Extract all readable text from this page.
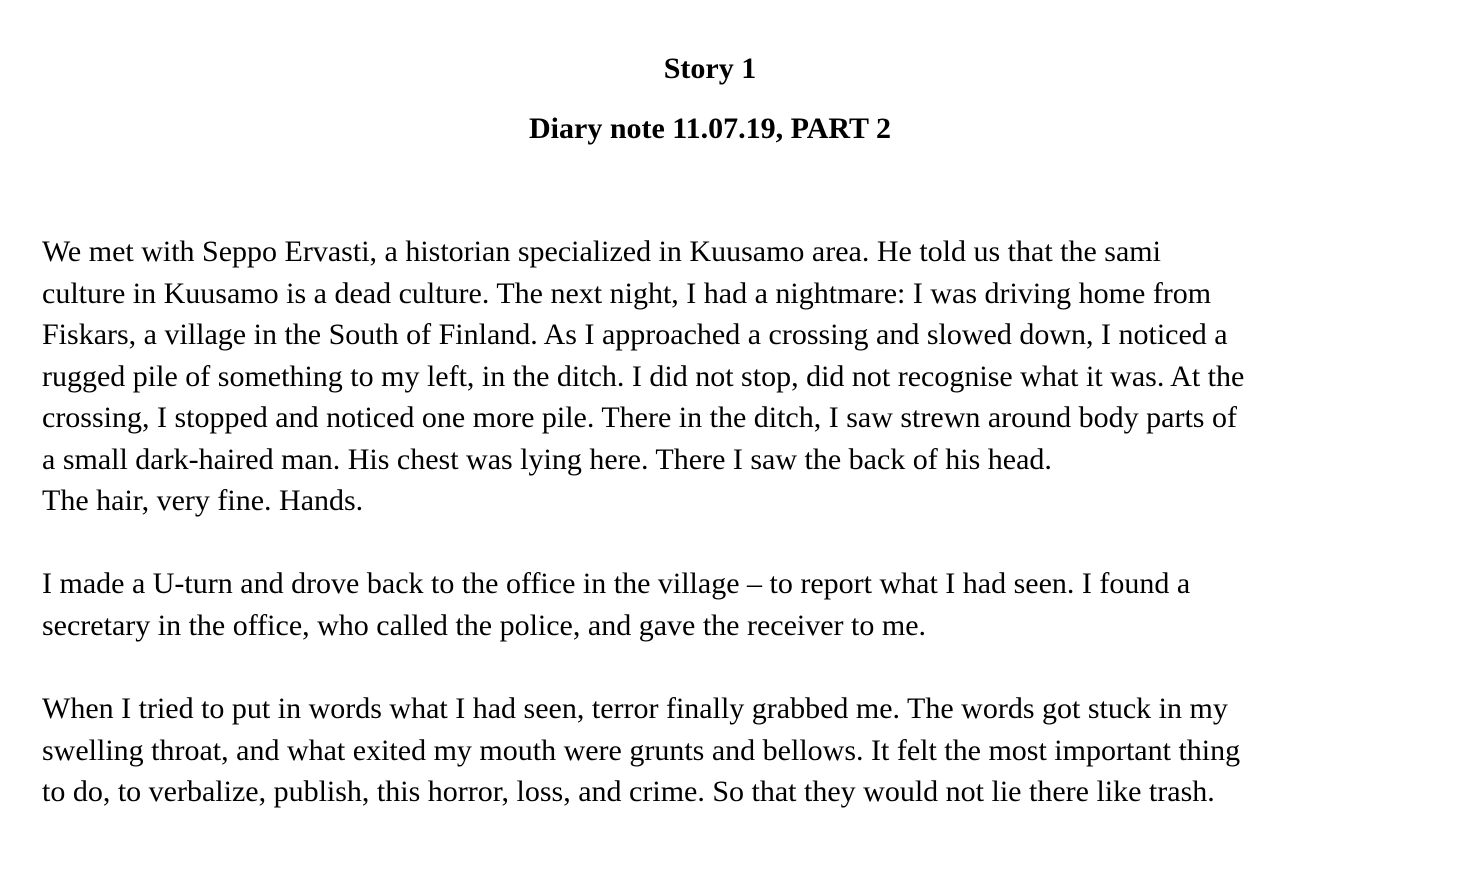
Story 1
Diary note 11.07.19, PART 2

We met with Seppo Ervasti, a historian specialized in Kuusamo area. He told us that the sami
culture in Kuusamo is a dead culture. The next night, I had a nightmare: I was driving home from
Fiskars, a village in the South of Finland. As I approached a crossing and slowed down, I noticed a
rugged pile of something to my left, in the ditch. I did not stop, did not recognise what it was. At the
crossing, I stopped and noticed one more pile. There in the ditch, I saw strewn around body parts of
a small dark-haired man. His chest was lying here. There I saw the back of his head.
The hair, very fine. Hands.

I made a U-turn and drove back to the office in the village – to report what I had seen. I found a
secretary in the office, who called the police, and gave the receiver to me.

When I tried to put in words what I had seen, terror finally grabbed me. The words got stuck in my
swelling throat, and what exited my mouth were grunts and bellows. It felt the most important thing
to do, to verbalize, publish, this horror, loss, and crime. So that they would not lie there like trash.
